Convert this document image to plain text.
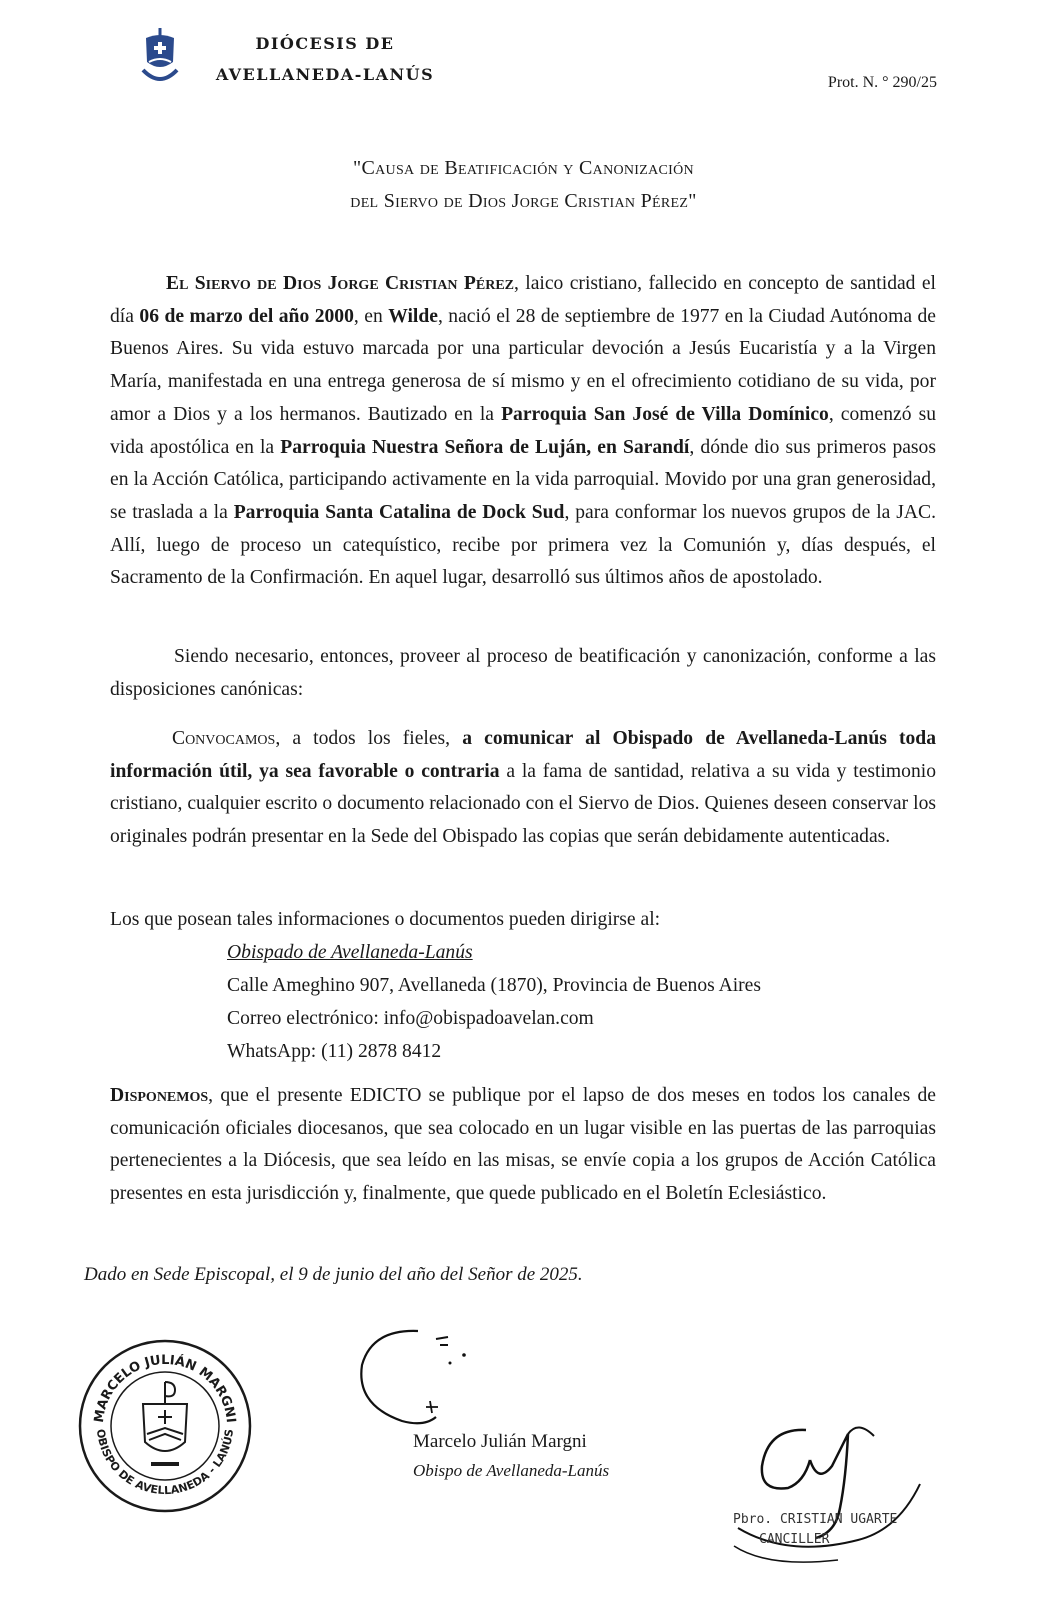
DIÓCESIS DE
AVELLANEDA-LANÚS	Prot. N. ° 290/25
"Causa de Beatificación y Canonización
del Siervo de Dios Jorge Cristian Pérez"
El Siervo de Dios Jorge Cristian Pérez, laico cristiano, fallecido en concepto de santidad el día 06 de marzo del año 2000, en Wilde, nació el 28 de septiembre de 1977 en la Ciudad Autónoma de Buenos Aires. Su vida estuvo marcada por una particular devoción a Jesús Eucaristía y a la Virgen María, manifestada en una entrega generosa de sí mismo y en el ofrecimiento cotidiano de su vida, por amor a Dios y a los hermanos. Bautizado en la Parroquia San José de Villa Domínico, comenzó su vida apostólica en la Parroquia Nuestra Señora de Luján, en Sarandí, dónde dio sus primeros pasos en la Acción Católica, participando activamente en la vida parroquial. Movido por una gran generosidad, se traslada a la Parroquia Santa Catalina de Dock Sud, para conformar los nuevos grupos de la JAC. Allí, luego de proceso un catequístico, recibe por primera vez la Comunión y, días después, el Sacramento de la Confirmación. En aquel lugar, desarrolló sus últimos años de apostolado.
Siendo necesario, entonces, proveer al proceso de beatificación y canonización, conforme a las disposiciones canónicas:
Convocamos, a todos los fieles, a comunicar al Obispado de Avellaneda-Lanús toda información útil, ya sea favorable o contraria a la fama de santidad, relativa a su vida y testimonio cristiano, cualquier escrito o documento relacionado con el Siervo de Dios. Quienes deseen conservar los originales podrán presentar en la Sede del Obispado las copias que serán debidamente autenticadas.
Los que posean tales informaciones o documentos pueden dirigirse al:
Obispado de Avellaneda-Lanús
Calle Ameghino 907, Avellaneda (1870), Provincia de Buenos Aires
Correo electrónico: info@obispadoavelan.com
WhatsApp: (11) 2878 8412
Disponemos, que el presente EDICTO se publique por el lapso de dos meses en todos los canales de comunicación oficiales diocesanos, que sea colocado en un lugar visible en las puertas de las parroquias pertenecientes a la Diócesis, que sea leído en las misas, se envíe copia a los grupos de Acción Católica presentes en esta jurisdicción y, finalmente, que quede publicado en el Boletín Eclesiástico.
Dado en Sede Episcopal, el 9 de junio del año del Señor de 2025.
MARCELO JULIÁN MARGNI
OBISPO DE AVELLANEDA - LANÚS	Marcelo Julián Margni
Obispo de Avellaneda-Lanús
Pbro. CRISTIAN UGARTE
CANCILLER
